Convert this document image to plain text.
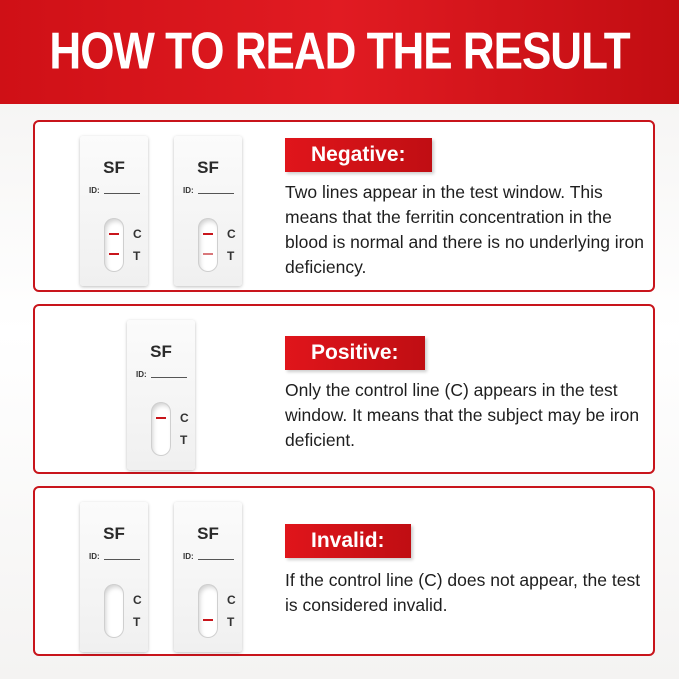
HOW TO READ THE RESULT
SF
ID:
C
T
SF
ID:
C
T
Negative:
Two lines appear in the test window. This means that the ferritin concentration in the blood is normal and there is no underlying iron deficiency.
SF
ID:
C
T
Positive:
Only the control line (C) appears in the test window. It means that the subject may be iron deficient.
SF
ID:
C
T
SF
ID:
C
T
Invalid:
If the control line (C) does not appear, the test is considered invalid.
